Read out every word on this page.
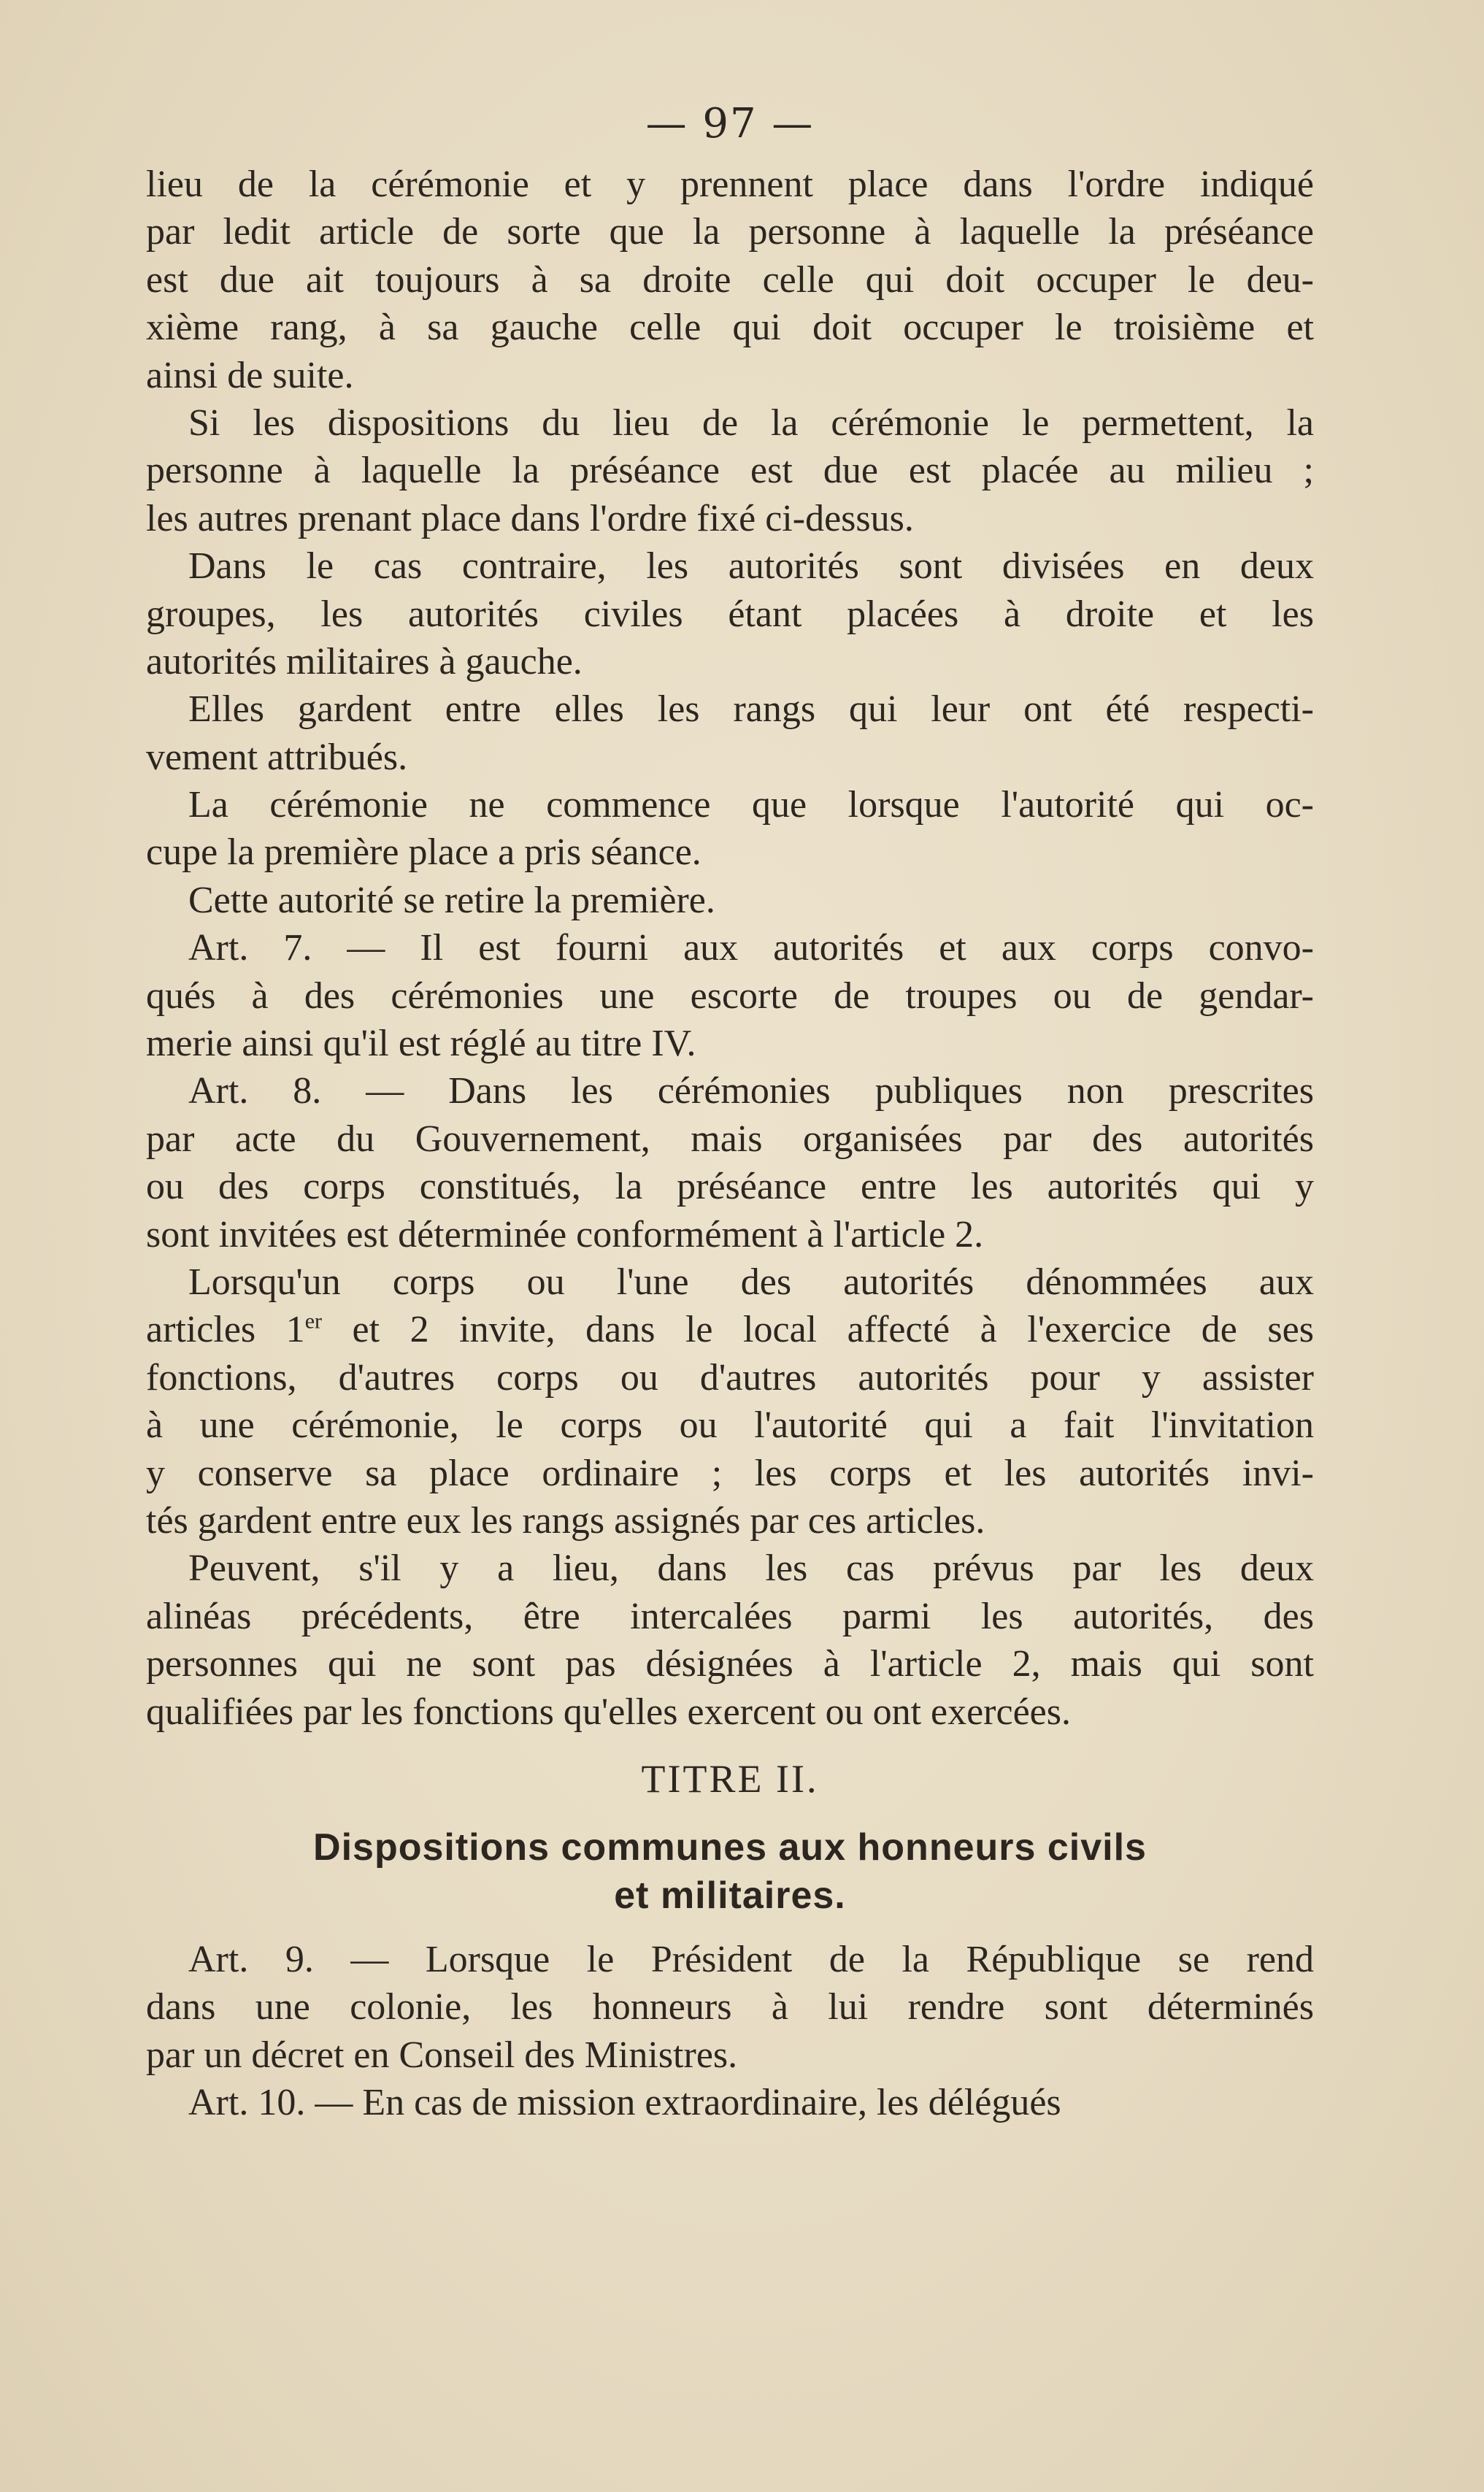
— 97 —
lieu de la cérémonie et y prennent place dans l'ordre indiqué
par ledit article de sorte que la personne à laquelle la préséance
est due ait toujours à sa droite celle qui doit occuper le deu-
xième rang, à sa gauche celle qui doit occuper le troisième et
ainsi de suite.
Si les dispositions du lieu de la cérémonie le permettent, la
personne à laquelle la préséance est due est placée au milieu ;
les autres prenant place dans l'ordre fixé ci-dessus.
Dans le cas contraire, les autorités sont divisées en deux
groupes, les autorités civiles étant placées à droite et les
autorités militaires à gauche.
Elles gardent entre elles les rangs qui leur ont été respecti-
vement attribués.
La cérémonie ne commence que lorsque l'autorité qui oc-
cupe la première place a pris séance.
Cette autorité se retire la première.
Art. 7. — Il est fourni aux autorités et aux corps convo-
qués à des cérémonies une escorte de troupes ou de gendar-
merie ainsi qu'il est réglé au titre IV.
Art. 8. — Dans les cérémonies publiques non prescrites
par acte du Gouvernement, mais organisées par des autorités
ou des corps constitués, la préséance entre les autorités qui y
sont invitées est déterminée conformément à l'article 2.
Lorsqu'un corps ou l'une des autorités dénommées aux
articles 1er et 2 invite, dans le local affecté à l'exercice de ses
fonctions, d'autres corps ou d'autres autorités pour y assister
à une cérémonie, le corps ou l'autorité qui a fait l'invitation
y conserve sa place ordinaire ; les corps et les autorités invi-
tés gardent entre eux les rangs assignés par ces articles.
Peuvent, s'il y a lieu, dans les cas prévus par les deux
alinéas précédents, être intercalées parmi les autorités, des
personnes qui ne sont pas désignées à l'article 2, mais qui sont
qualifiées par les fonctions qu'elles exercent ou ont exercées.
TITRE II.
Dispositions communes aux honneurs civils
et militaires.
Art. 9. — Lorsque le Président de la République se rend
dans une colonie, les honneurs à lui rendre sont déterminés
par un décret en Conseil des Ministres.
Art. 10. — En cas de mission extraordinaire, les délégués
